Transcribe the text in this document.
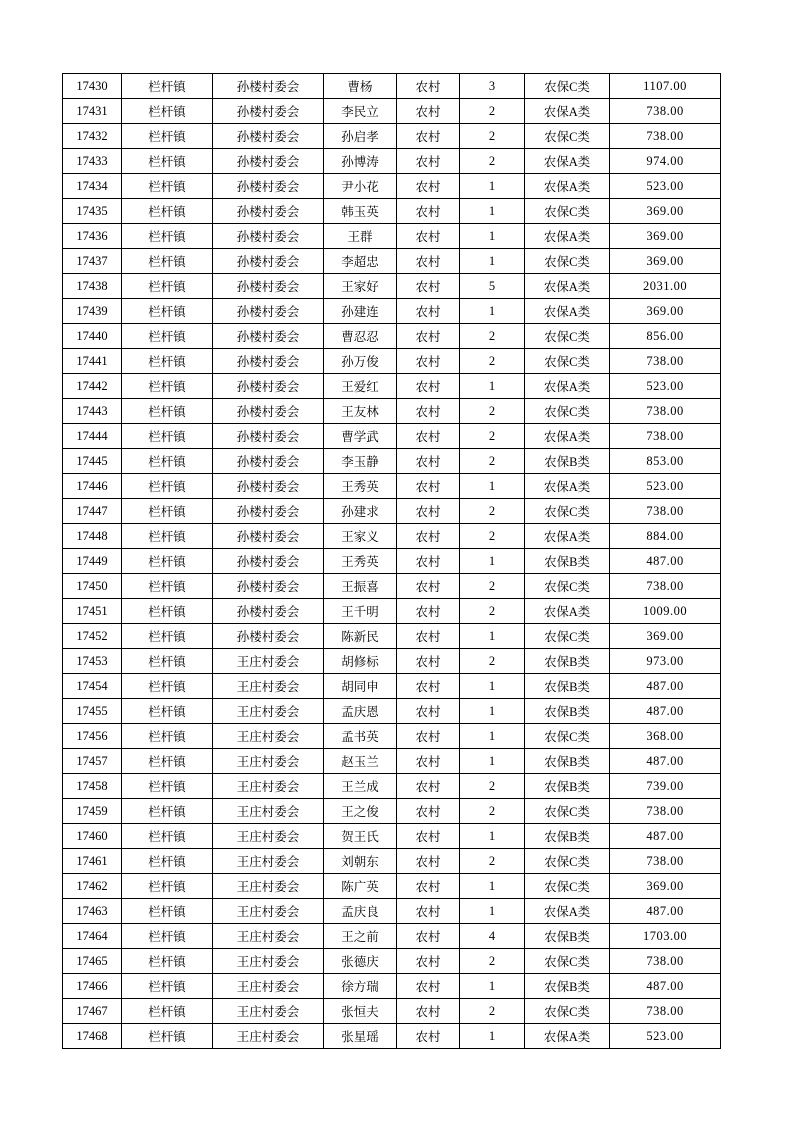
17430	栏杆镇	孙楼村委会	曹杨	农村	3	农保C类	1107.00
17431	栏杆镇	孙楼村委会	李民立	农村	2	农保A类	738.00
17432	栏杆镇	孙楼村委会	孙启孝	农村	2	农保C类	738.00
17433	栏杆镇	孙楼村委会	孙博涛	农村	2	农保A类	974.00
17434	栏杆镇	孙楼村委会	尹小花	农村	1	农保A类	523.00
17435	栏杆镇	孙楼村委会	韩玉英	农村	1	农保C类	369.00
17436	栏杆镇	孙楼村委会	王群	农村	1	农保A类	369.00
17437	栏杆镇	孙楼村委会	李超忠	农村	1	农保C类	369.00
17438	栏杆镇	孙楼村委会	王家好	农村	5	农保A类	2031.00
17439	栏杆镇	孙楼村委会	孙建连	农村	1	农保A类	369.00
17440	栏杆镇	孙楼村委会	曹忍忍	农村	2	农保C类	856.00
17441	栏杆镇	孙楼村委会	孙万俊	农村	2	农保C类	738.00
17442	栏杆镇	孙楼村委会	王爱红	农村	1	农保A类	523.00
17443	栏杆镇	孙楼村委会	王友林	农村	2	农保C类	738.00
17444	栏杆镇	孙楼村委会	曹学武	农村	2	农保A类	738.00
17445	栏杆镇	孙楼村委会	李玉静	农村	2	农保B类	853.00
17446	栏杆镇	孙楼村委会	王秀英	农村	1	农保A类	523.00
17447	栏杆镇	孙楼村委会	孙建求	农村	2	农保C类	738.00
17448	栏杆镇	孙楼村委会	王家义	农村	2	农保A类	884.00
17449	栏杆镇	孙楼村委会	王秀英	农村	1	农保B类	487.00
17450	栏杆镇	孙楼村委会	王振喜	农村	2	农保C类	738.00
17451	栏杆镇	孙楼村委会	王千明	农村	2	农保A类	1009.00
17452	栏杆镇	孙楼村委会	陈新民	农村	1	农保C类	369.00
17453	栏杆镇	王庄村委会	胡修标	农村	2	农保B类	973.00
17454	栏杆镇	王庄村委会	胡同申	农村	1	农保B类	487.00
17455	栏杆镇	王庄村委会	孟庆恩	农村	1	农保B类	487.00
17456	栏杆镇	王庄村委会	孟书英	农村	1	农保C类	368.00
17457	栏杆镇	王庄村委会	赵玉兰	农村	1	农保B类	487.00
17458	栏杆镇	王庄村委会	王兰成	农村	2	农保B类	739.00
17459	栏杆镇	王庄村委会	王之俊	农村	2	农保C类	738.00
17460	栏杆镇	王庄村委会	贺王氏	农村	1	农保B类	487.00
17461	栏杆镇	王庄村委会	刘朝东	农村	2	农保C类	738.00
17462	栏杆镇	王庄村委会	陈广英	农村	1	农保C类	369.00
17463	栏杆镇	王庄村委会	孟庆良	农村	1	农保A类	487.00
17464	栏杆镇	王庄村委会	王之前	农村	4	农保B类	1703.00
17465	栏杆镇	王庄村委会	张德庆	农村	2	农保C类	738.00
17466	栏杆镇	王庄村委会	徐方瑞	农村	1	农保B类	487.00
17467	栏杆镇	王庄村委会	张恒夫	农村	2	农保C类	738.00
17468	栏杆镇	王庄村委会	张星瑶	农村	1	农保A类	523.00
